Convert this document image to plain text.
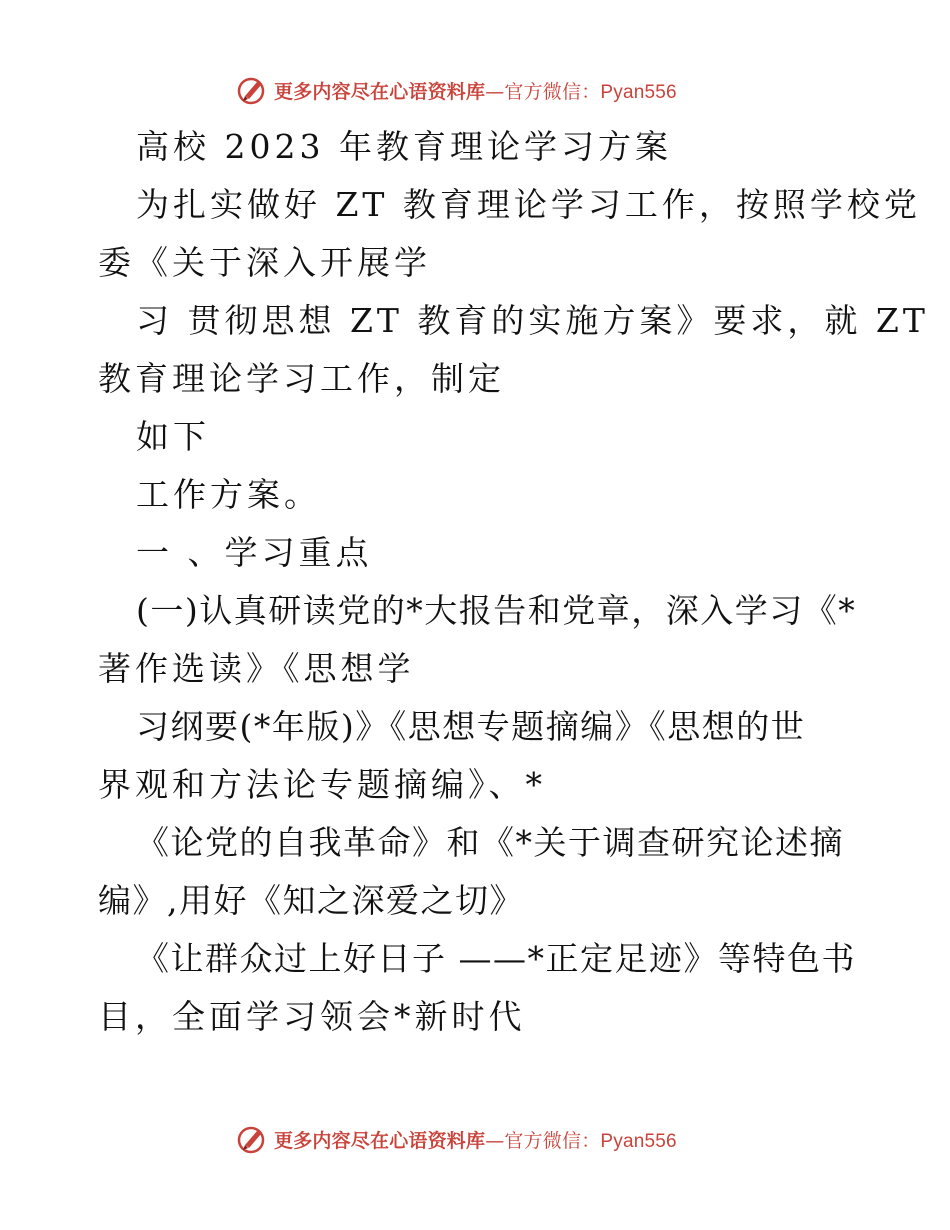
更多内容尽在心语资料库—官方微信：Pyan556
高校 2023 年教育理论学习方案
为扎实做好 ZT 教育理论学习工作，按照学校党
委《关于深入开展学
习 贯彻思想 ZT 教育的实施方案》要求，就 ZT
教育理论学习工作，制定
如下
工作方案。
一 、学习重点
(一)认真研读党的*大报告和党章，深入学习《*
著作选读》《思想学
习纲要(*年版)》《思想专题摘编》《思想的世
界观和方法论专题摘编》、*
《论党的自我革命》和《*关于调查研究论述摘
编》,用好《知之深爱之切》
《让群众过上好日子 ——*正定足迹》等特色书
目，全面学习领会*新时代
更多内容尽在心语资料库—官方微信：Pyan556
